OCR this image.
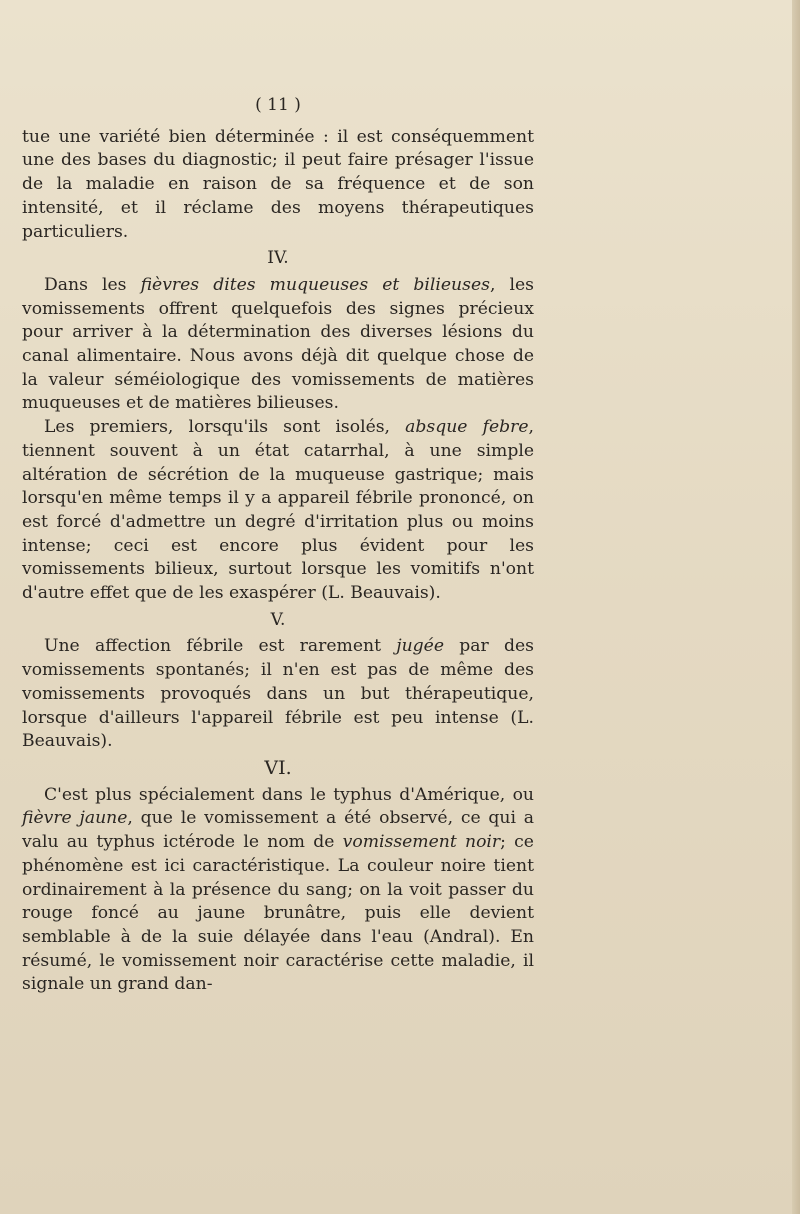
( 11 )

tue une variété bien déterminée : il est conséquemment une des bases du diagnostic; il peut faire présager l'issue de la maladie en raison de sa fréquence et de son intensité, et il réclame des moyens thérapeutiques particuliers.

IV.

Dans les fièvres dites muqueuses et bilieuses, les vomissements offrent quelquefois des signes précieux pour arriver à la détermination des diverses lésions du canal alimentaire. Nous avons déjà dit quelque chose de la valeur séméiologique des vomissements de matières muqueuses et de matières bilieuses.

Les premiers, lorsqu'ils sont isolés, absque febre, tiennent souvent à un état catarrhal, à une simple altération de sécrétion de la muqueuse gastrique; mais lorsqu'en même temps il y a appareil fébrile prononcé, on est forcé d'admettre un degré d'irritation plus ou moins intense; ceci est encore plus évident pour les vomissements bilieux, surtout lorsque les vomitifs n'ont d'autre effet que de les exaspérer (L. Beauvais).

V.

Une affection fébrile est rarement jugée par des vomissements spontanés; il n'en est pas de même des vomissements provoqués dans un but thérapeutique, lorsque d'ailleurs l'appareil fébrile est peu intense (L. Beauvais).

VI.

C'est plus spécialement dans le typhus d'Amérique, ou fièvre jaune, que le vomissement a été observé, ce qui a valu au typhus ictérode le nom de vomissement noir; ce phénomène est ici caractéristique. La couleur noire tient ordinairement à la présence du sang; on la voit passer du rouge foncé au jaune brunâtre, puis elle devient semblable à de la suie délayée dans l'eau (Andral). En résumé, le vomissement noir caractérise cette maladie, il signale un grand dan-
